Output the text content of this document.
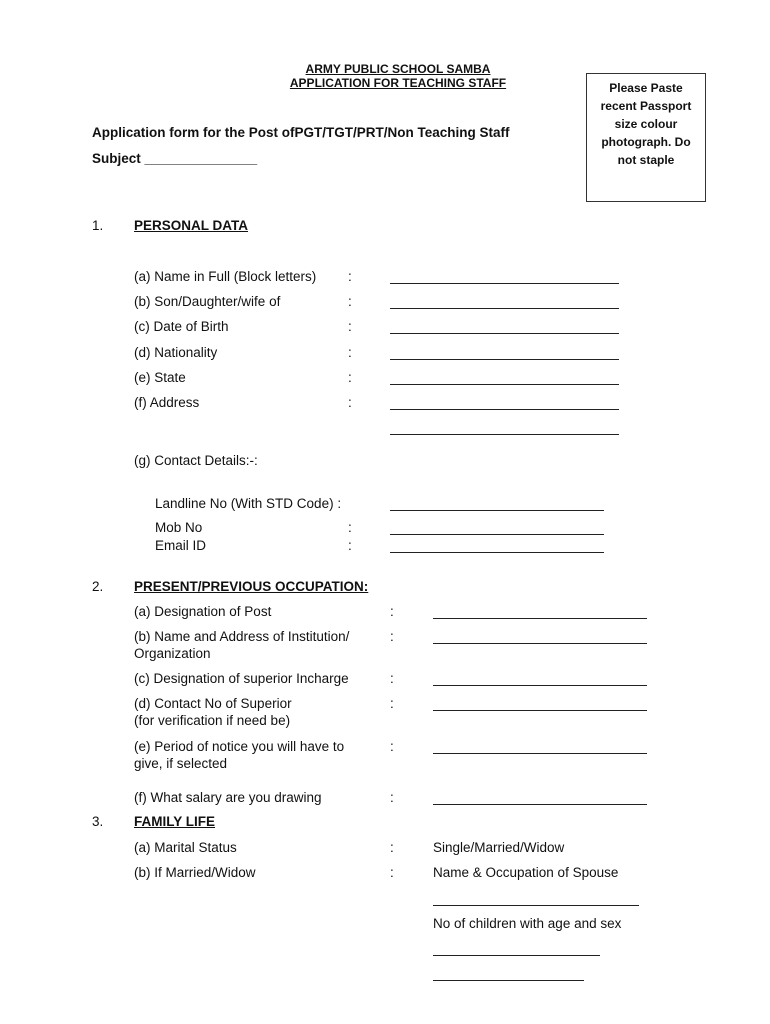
ARMY PUBLIC SCHOOL SAMBA
APPLICATION FOR TEACHING STAFF	Please Paste recent Passport size colour photograph. Do not staple
Application form for the Post ofPGT/TGT/PRT/Non Teaching Staff
Subject _______________
1. PERSONAL DATA
(a) Name in Full (Block letters) :
(b) Son/Daughter/wife of	:
(c) Date of Birth	:
(d) Nationality	:
(e) State	:
(f) Address	:
(g) Contact Details:-:
Landline No (With STD Code) :
Mob No	:
Email ID	:
2. PRESENT/PREVIOUS OCCUPATION:
(a) Designation of Post	:
(b) Name and Address of Institution/
Organization
:
(c) Designation of superior Incharge	:
(d) Contact No of Superior
(for verification if need be)
:
(e) Period of notice you will have to
give, if selected
:
(f) What salary are you drawing	:
3. FAMILY LIFE
(a) Marital Status	:	Single/Married/Widow
(b) If Married/Widow	:	Name & Occupation of Spouse
No of children with age and sex
